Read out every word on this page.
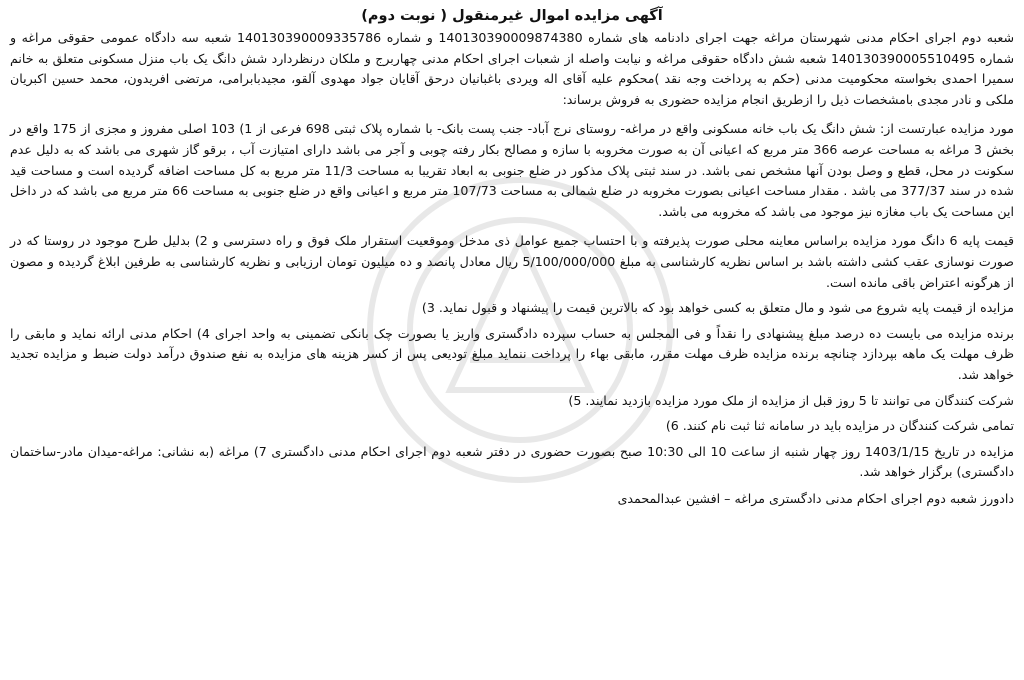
آگهی مزایده اموال غیرمنقول ( نوبت دوم)

شعبه دوم اجرای احکام مدنی شهرستان مراغه جهت اجرای دادنامه های شماره 140130390009874380 و شماره 140130390009335786 شعبه سه دادگاه عمومی حقوقی مراغه و شماره 140130390005510495 شعبه شش دادگاه حقوقی مراغه و نیابت واصله از شعبات اجرای احکام مدنی چهاربرج و ملکان درنظردارد شش دانگ یک باب منزل مسکونی متعلق به خانم سمیرا احمدی بخواسته محکومیت مدنی (حکم به پرداخت وجه نقد )محکوم علیه آقای اله ویردی باغبانیان درحق آقایان جواد مهدوی آلقو، مجیدبابرامی، مرتضی افریدون، محمد حسین اکبریان ملکی و نادر مجدی بامشخصات ذیل را ازطریق انجام مزایده حضوری به فروش برساند:

مورد مزایده عبارتست از: شش دانگ یک باب خانه مسکونی واقع در مراغه- روستای نرج آباد- جنب پست بانک- با شماره پلاک ثبتی 698 فرعی از 1) 103 اصلی مفروز و مجزی از 175 واقع در بخش 3 مراغه به مساحت عرصه 366 متر مربع که اعیانی آن به صورت مخروبه با سازه و مصالح بکار رفته چوبی و آجر می باشد دارای امتیازت آب ، برقو گاز شهری می باشد که به دلیل عدم سکونت در محل، قطع و وصل بودن آنها مشخص نمی باشد. در سند ثبتی پلاک مذکور در ضلع جنوبی به ابعاد تقریبا به مساحت 11/3 متر مربع به کل مساحت اضافه گردیده است و مساحت قید شده در سند 377/37 می باشد . مقدار مساحت اعیانی بصورت مخروبه در ضلع شمالی به مساحت 107/73 متر مربع و اعیانی واقع در ضلع جنوبی به مساحت 66 متر مربع می باشد که در داخل این مساحت یک باب مغازه نیز موجود می باشد که مخروبه می باشد.

قیمت پایه 6 دانگ مورد مزایده براساس معاینه محلی صورت پذیرفته و با احتساب جمیع عوامل ذی مدخل وموقعیت استقرار ملک فوق و راه دسترسی و 2) بدلیل طرح موجود در روستا که در صورت نوسازی عقب کشی داشته باشد بر اساس نظریه کارشناسی به مبلغ 5/100/000/000 ریال معادل پانصد و ده میلیون تومان ارزیابی و نظریه کارشناسی به طرفین ابلاغ گردیده و مصون از هرگونه اعتراض باقی مانده است.

مزایده از قیمت پایه شروع می شود و مال متعلق به کسی خواهد بود که بالاترین قیمت را پیشنهاد و قبول نماید. 3)

برنده مزایده می بایست ده درصد مبلغ پیشنهادی را نقداً و فی المجلس به حساب سپرده دادگستری واریز یا بصورت چک بانکی تضمینی به واحد اجرای 4) احکام مدنی ارائه نماید و مابقی را ظرف مهلت یک ماهه بپردازد چنانچه برنده مزایده ظرف مهلت مقرر، مابقی بهاء را پرداخت ننماید مبلغ تودیعی پس از کسر هزینه های مزایده به نفع صندوق درآمد دولت ضبط و مزایده تجدید خواهد شد.

شرکت کنندگان می توانند تا 5 روز قبل از مزایده از ملک مورد مزایده بازدید نمایند. 5)

تمامی شرکت کنندگان در مزایده باید در سامانه ثنا ثبت نام کنند. 6)

مزایده در تاریخ 1403/1/15 روز چهار شنبه از ساعت 10 الی 10:30 صبح بصورت حضوری در دفتر شعبه دوم اجرای احکام مدنی دادگستری 7) مراغه (به نشانی: مراغه-میدان مادر-ساختمان دادگستری) برگزار خواهد شد.

دادورز شعبه دوم اجرای احکام مدنی دادگستری مراغه – افشین عبدالمحمدی
